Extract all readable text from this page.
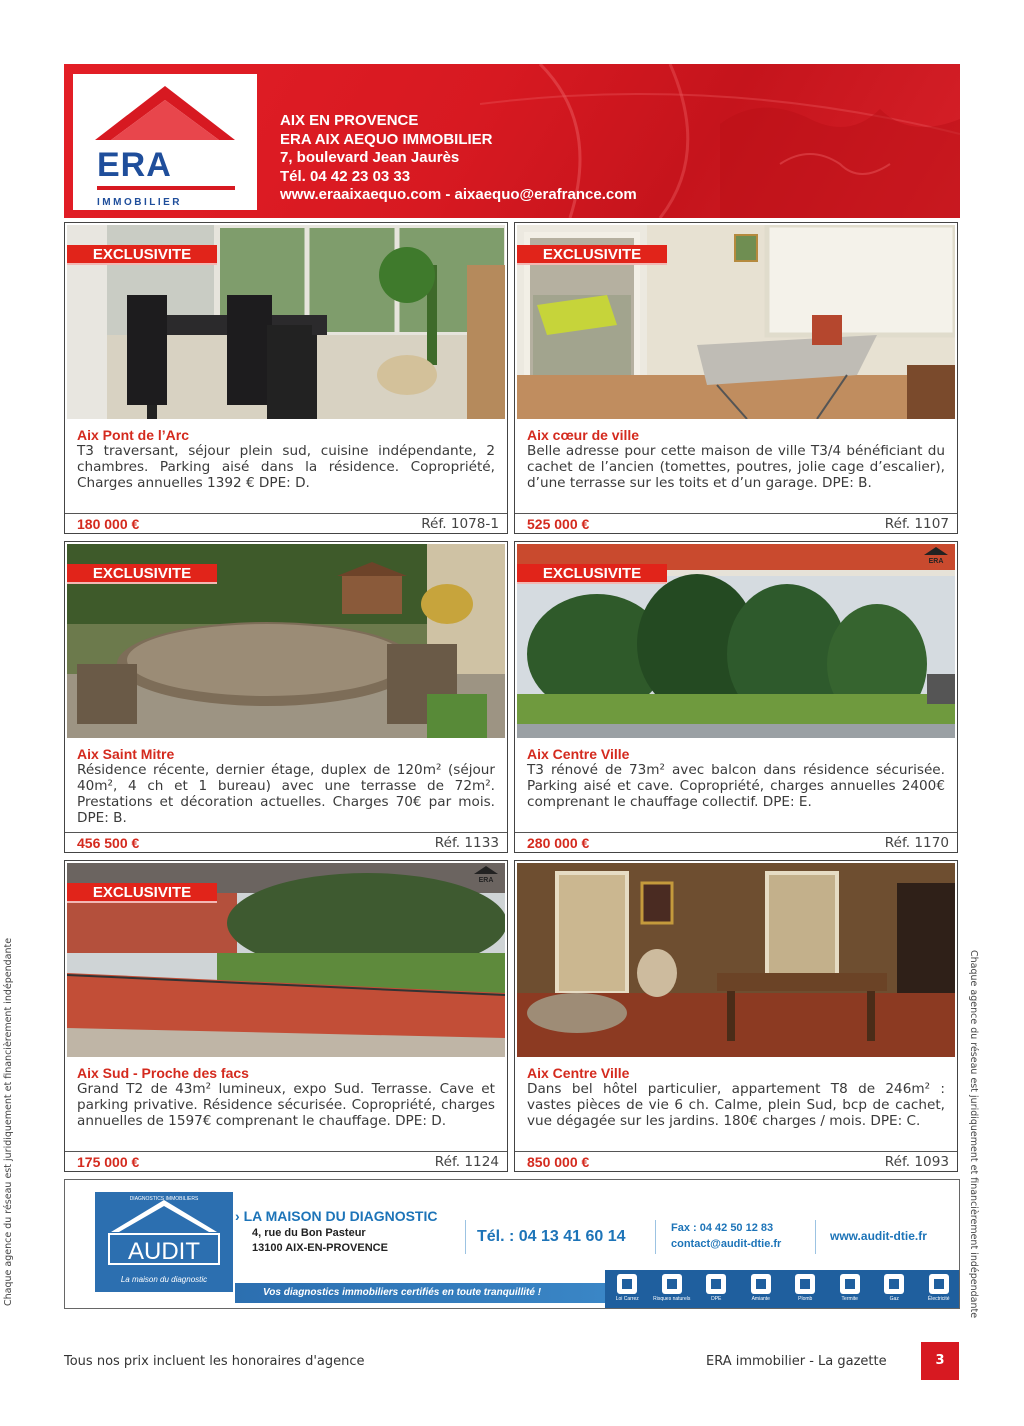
Chaque agence du réseau est juridiquement et financièrement indépendante	Chaque agence du réseau est juridiquement et financièrement indépendante
ERA
IMMOBILIER
AIX EN PROVENCE
ERA AIX AEQUO IMMOBILIER
7, boulevard Jean Jaurès
Tél. 04 42 23 03 33
www.eraaixaequo.com - aixaequo@erafrance.com
EXCLUSIVITE
Aix Pont de l’Arc
T3 traversant, séjour plein sud, cuisine indépendante, 2 chambres. Parking aisé dans la résidence. Copropriété, Charges annuelles 1392 € DPE: D.
180 000 €	Réf. 1078-1
EXCLUSIVITE
Aix cœur de ville
Belle adresse pour cette maison de ville T3/4 bénéficiant du cachet de l’ancien (tomettes, poutres, jolie cage d’escalier), d’une terrasse sur les toits et d’un garage. DPE: B.
525 000 €	Réf. 1107
EXCLUSIVITE
Aix Saint Mitre
Résidence récente, dernier étage, duplex de 120m² (séjour 40m², 4 ch et 1 bureau) avec une terrasse de 72m². Prestations et décoration actuelles. Charges 70€ par mois. DPE: B.
456 500 €	Réf. 1133
EXCLUSIVITE
ERA
Aix Centre Ville
T3 rénové de 73m² avec balcon dans résidence sécurisée. Parking aisé et cave. Copropriété, charges annuelles 2400€ comprenant le chauffage collectif. DPE: E.
280 000 €	Réf. 1170
EXCLUSIVITE
ERA
Aix Sud - Proche des facs
Grand T2 de 43m² lumineux, expo Sud. Terrasse. Cave et parking privative. Résidence sécurisée. Copropriété, charges annuelles de 1597€ comprenant le chauffage. DPE: D.
175 000 €	Réf. 1124
Aix Centre Ville
Dans bel hôtel particulier, appartement T8 de 246m² : vastes pièces de vie 6 ch. Calme, plein Sud, bcp de cachet, vue dégagée sur les jardins. 180€ charges / mois. DPE: C.
850 000 €	Réf. 1093
DIAGNOSTICS IMMOBILIERS
AUDIT
La maison du diagnostic
› LA MAISON DU DIAGNOSTIC
4, rue du Bon Pasteur
13100 AIX-EN-PROVENCE
Tél. : 04 13 41 60 14	Fax : 04 42 50 12 83
contact@audit-dtie.fr
www.audit-dtie.fr
Vos diagnostics immobiliers certifiés en toute tranquillité !
Loi Carrez	Risques naturels	DPE	Amiante	Plomb	Termite	Gaz	Électricité
Tous nos prix incluent les honoraires d'agence	ERA immobilier - La gazette	3
